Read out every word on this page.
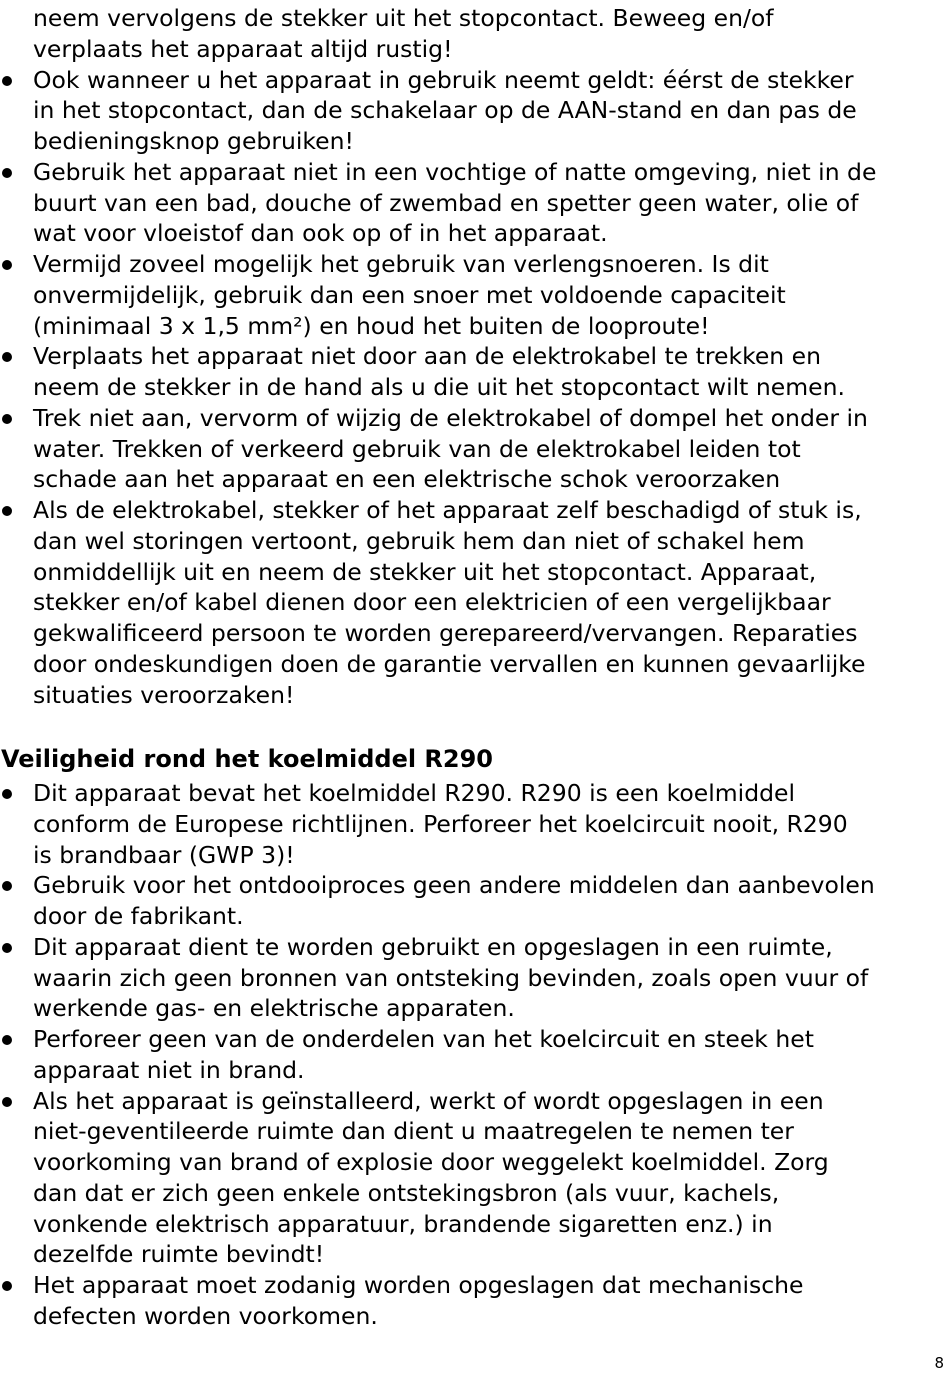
neem vervolgens de stekker uit het stopcontact. Beweeg en/of
verplaats het apparaat altijd rustig!
Ook wanneer u het apparaat in gebruik neemt geldt: éérst de stekker
in het stopcontact, dan de schakelaar op de AAN-stand en dan pas de
bedieningsknop gebruiken!
Gebruik het apparaat niet in een vochtige of natte omgeving, niet in de
buurt van een bad, douche of zwembad en spetter geen water, olie of
wat voor vloeistof dan ook op of in het apparaat.
Vermijd zoveel mogelijk het gebruik van verlengsnoeren. Is dit
onvermijdelijk, gebruik dan een snoer met voldoende capaciteit
(minimaal 3 x 1,5 mm²) en houd het buiten de looproute!
Verplaats het apparaat niet door aan de elektrokabel te trekken en
neem de stekker in de hand als u die uit het stopcontact wilt nemen.
Trek niet aan, vervorm of wijzig de elektrokabel of dompel het onder in
water. Trekken of verkeerd gebruik van de elektrokabel leiden tot
schade aan het apparaat en een elektrische schok veroorzaken
Als de elektrokabel, stekker of het apparaat zelf beschadigd of stuk is,
dan wel storingen vertoont, gebruik hem dan niet of schakel hem
onmiddellijk uit en neem de stekker uit het stopcontact. Apparaat,
stekker en/of kabel dienen door een elektricien of een vergelijkbaar
gekwalificeerd persoon te worden gerepareerd/vervangen. Reparaties
door ondeskundigen doen de garantie vervallen en kunnen gevaarlijke
situaties veroorzaken!
Veiligheid rond het koelmiddel R290
Dit apparaat bevat het koelmiddel R290. R290 is een koelmiddel
conform de Europese richtlijnen. Perforeer het koelcircuit nooit, R290
is brandbaar (GWP 3)!
Gebruik voor het ontdooiproces geen andere middelen dan aanbevolen
door de fabrikant.
Dit apparaat dient te worden gebruikt en opgeslagen in een ruimte,
waarin zich geen bronnen van ontsteking bevinden, zoals open vuur of
werkende gas- en elektrische apparaten.
Perforeer geen van de onderdelen van het koelcircuit en steek het
apparaat niet in brand.
Als het apparaat is geïnstalleerd, werkt of wordt opgeslagen in een
niet-geventileerde ruimte dan dient u maatregelen te nemen ter
voorkoming van brand of explosie door weggelekt koelmiddel. Zorg
dan dat er zich geen enkele ontstekingsbron (als vuur, kachels,
vonkende elektrisch apparatuur, brandende sigaretten enz.) in
dezelfde ruimte bevindt!
Het apparaat moet zodanig worden opgeslagen dat mechanische
defecten worden voorkomen.
8
